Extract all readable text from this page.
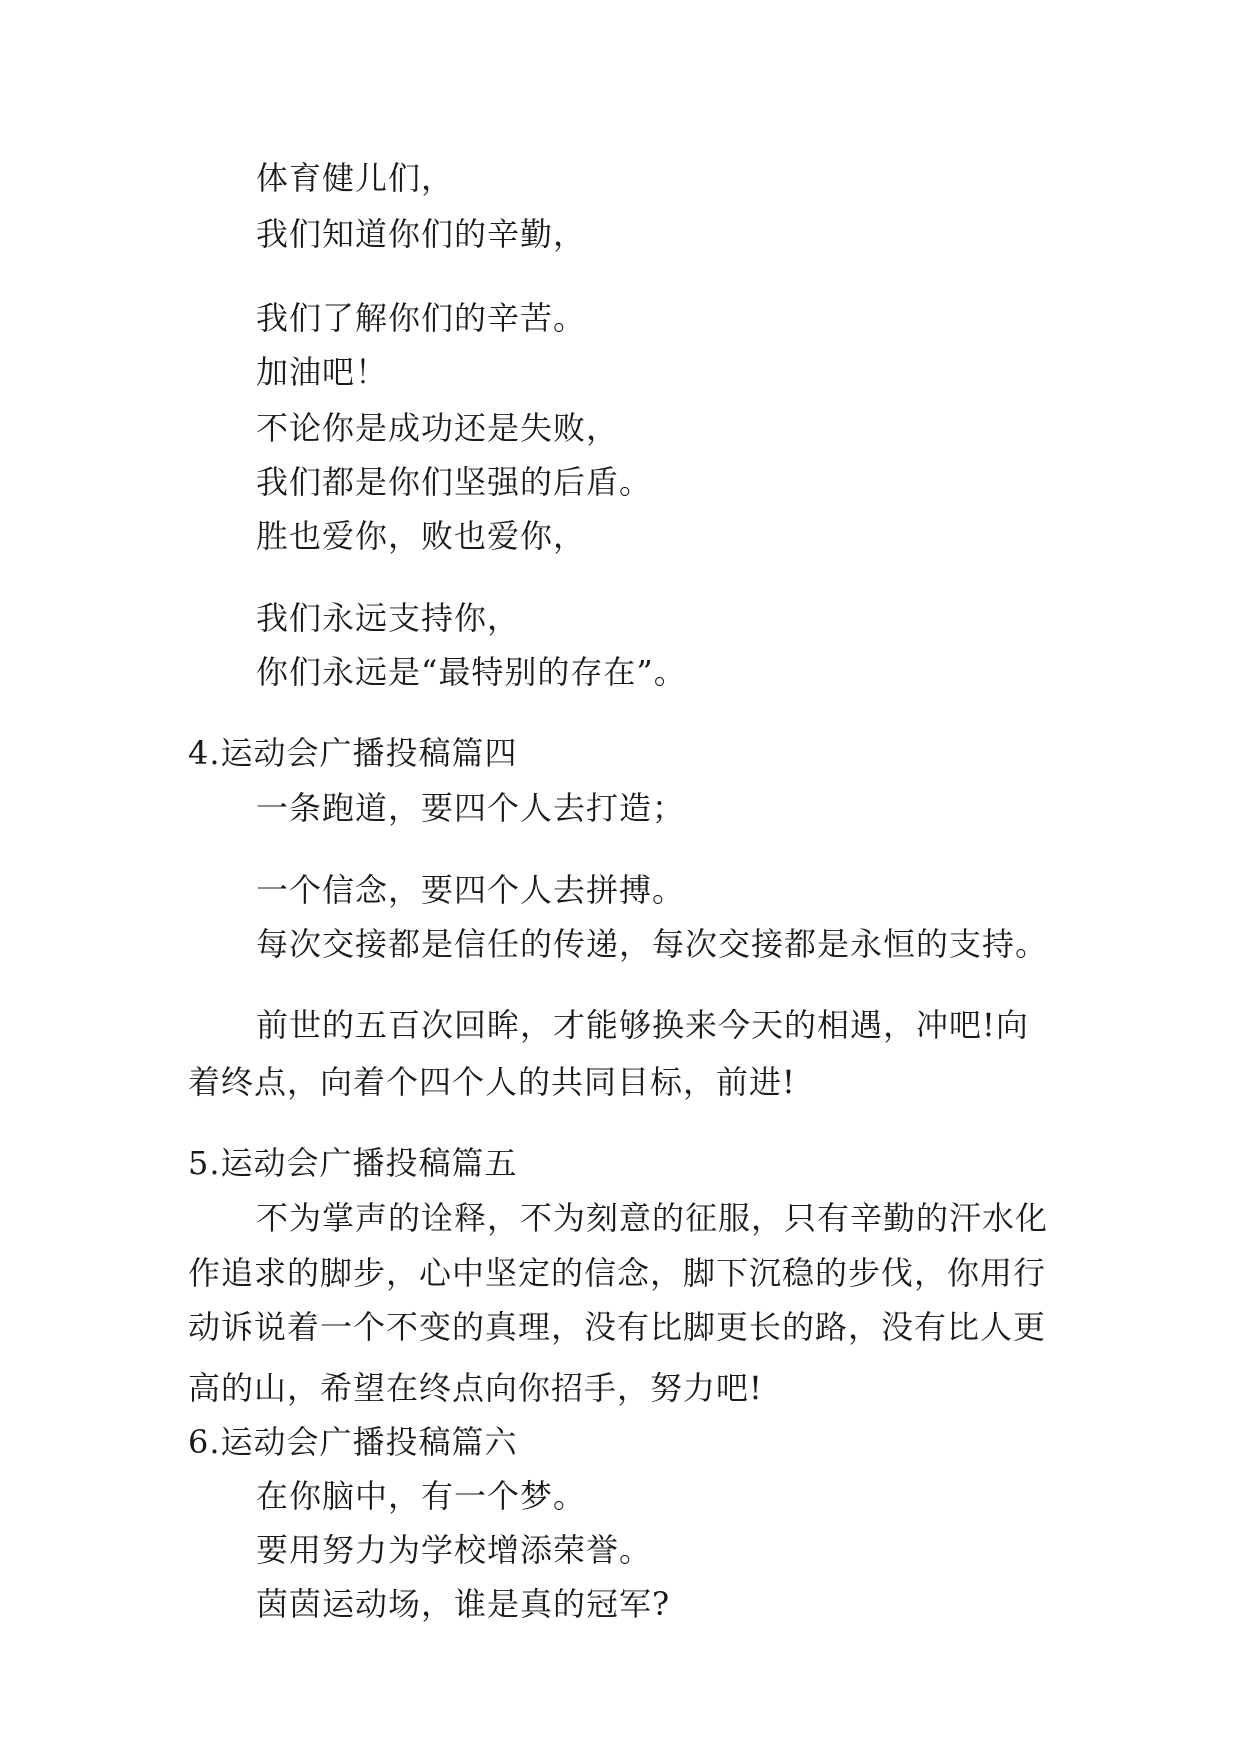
体育健儿们，
我们知道你们的辛勤，
我们了解你们的辛苦。
加油吧！
不论你是成功还是失败，
我们都是你们坚强的后盾。
胜也爱你，败也爱你，
我们永远支持你，
你们永远是“最特别的存在”。
4.运动会广播投稿篇四
一条跑道，要四个人去打造；
一个信念，要四个人去拼搏。
每次交接都是信任的传递，每次交接都是永恒的支持。
前世的五百次回眸，才能够换来今天的相遇，冲吧!向
着终点，向着个四个人的共同目标，前进!
5.运动会广播投稿篇五
不为掌声的诠释，不为刻意的征服，只有辛勤的汗水化
作追求的脚步，心中坚定的信念，脚下沉稳的步伐，你用行
动诉说着一个不变的真理，没有比脚更长的路，没有比人更
高的山，希望在终点向你招手，努力吧!
6.运动会广播投稿篇六
在你脑中，有一个梦。
要用努力为学校增添荣誉。
茵茵运动场，谁是真的冠军?
